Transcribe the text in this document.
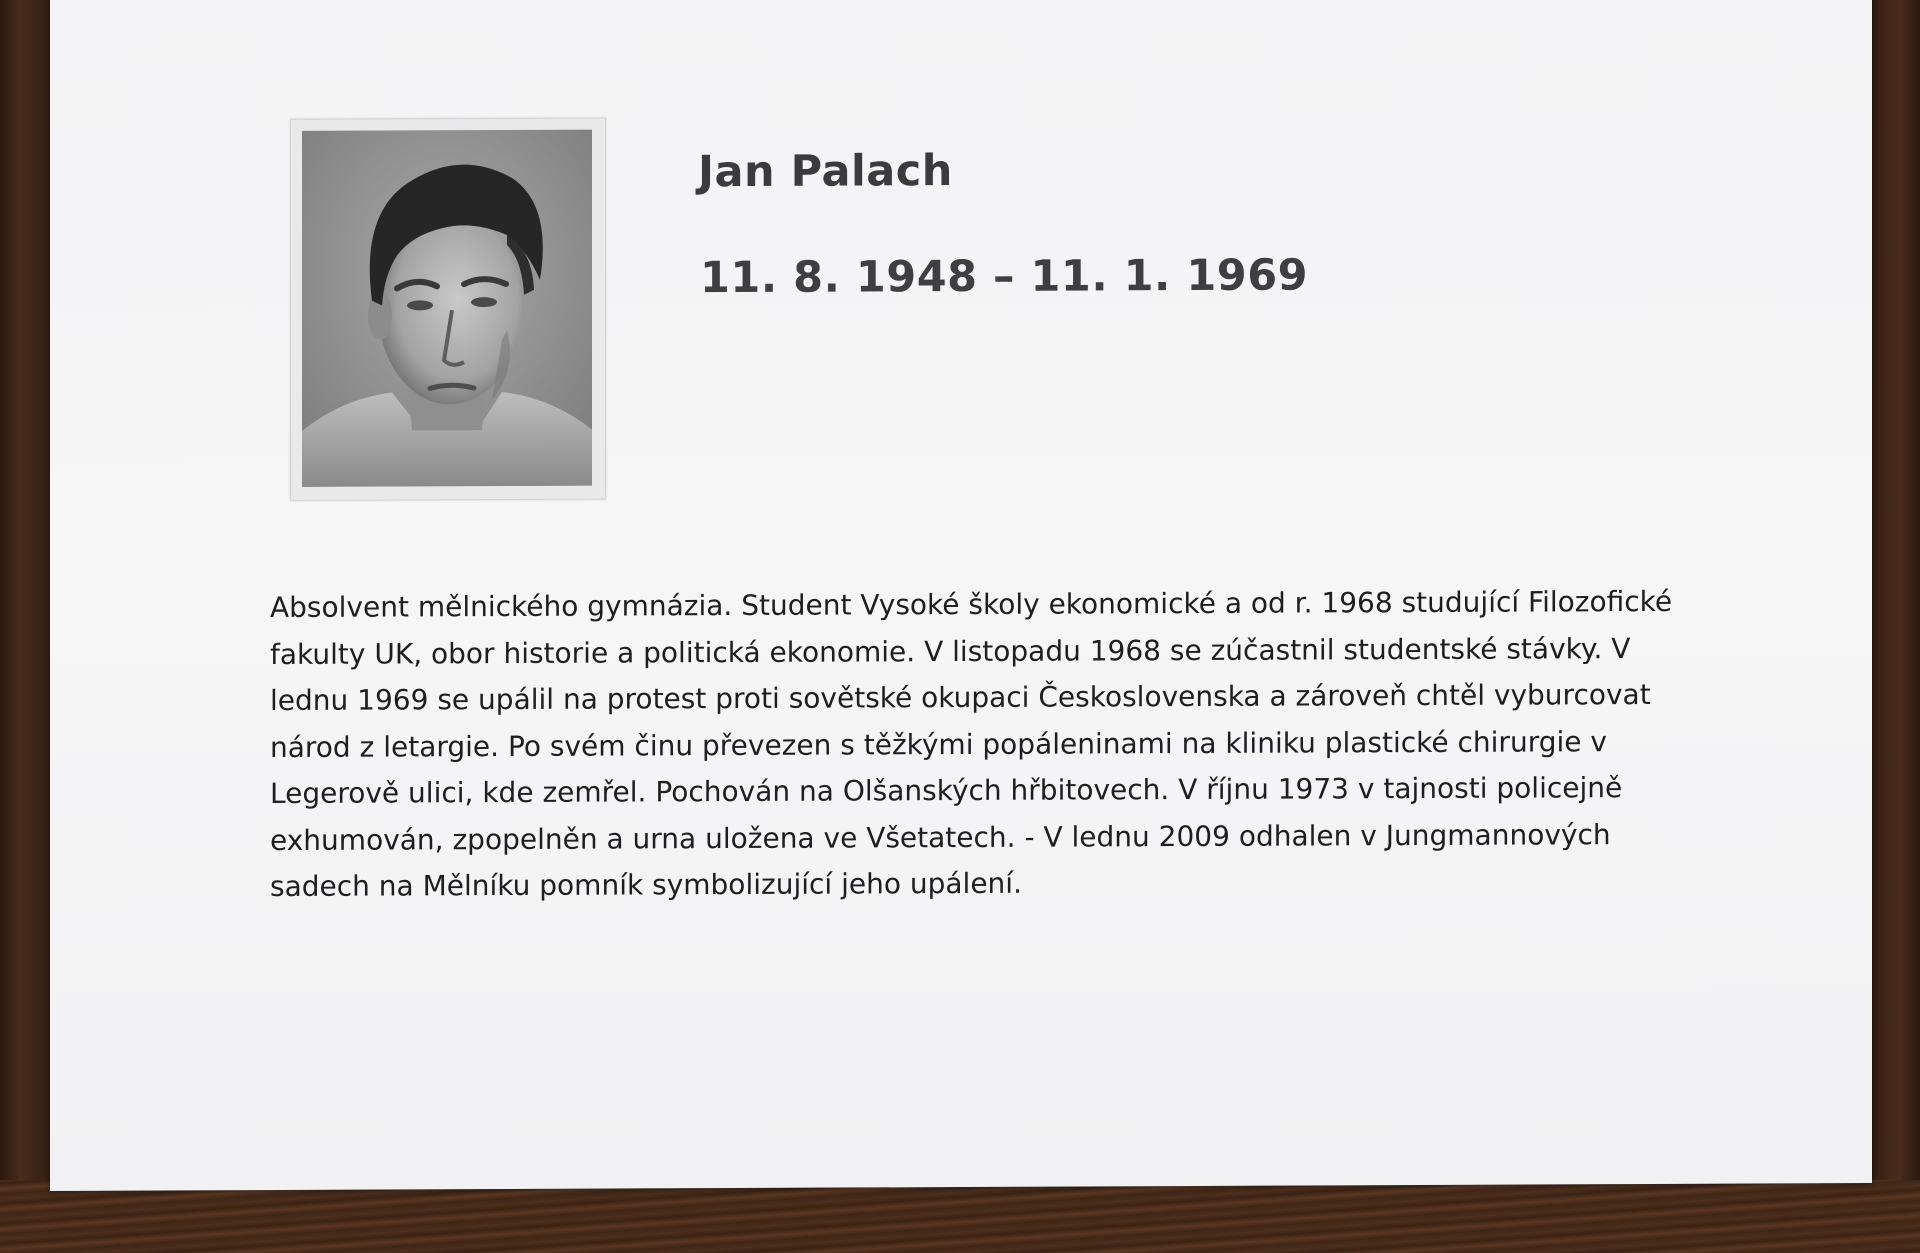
Jan Palach
11. 8. 1948 – 11. 1. 1969

Absolvent mělnického gymnázia. Student Vysoké školy ekonomické a od r. 1968 studující Filozofické
fakulty UK, obor historie a politická ekonomie. V listopadu 1968 se zúčastnil studentské stávky. V
lednu 1969 se upálil na protest proti sovětské okupaci Československa a zároveň chtěl vyburcovat
národ z letargie. Po svém činu převezen s těžkými popáleninami na kliniku plastické chirurgie v
Legerově ulici, kde zemřel. Pochován na Olšanských hřbitovech. V říjnu 1973 v tajnosti policejně
exhumován, zpopelněn a urna uložena ve Všetatech. - V lednu 2009 odhalen v Jungmannových
sadech na Mělníku pomník symbolizující jeho upálení.
